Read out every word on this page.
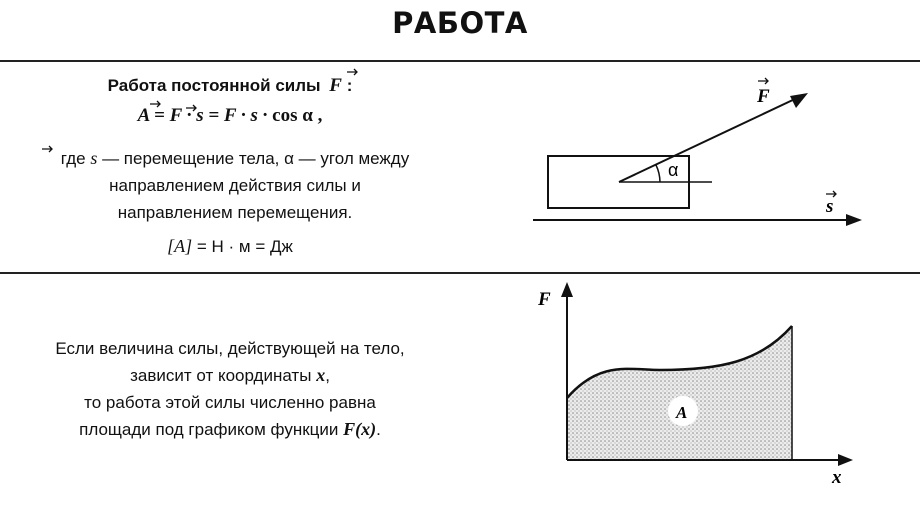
РАБОТА
Работа постоянной силы F :
A = F · s = F · s · cos α ,
где s — перемещение тела, α — угол между
направлением действия силы и
направлением перемещения.
[A] = Н · м = Дж
Если величина силы, действующей на тело,
зависит от координаты x,
то работа этой силы численно равна
площади под графиком функции F(x).
F
α
s
A
F
x
